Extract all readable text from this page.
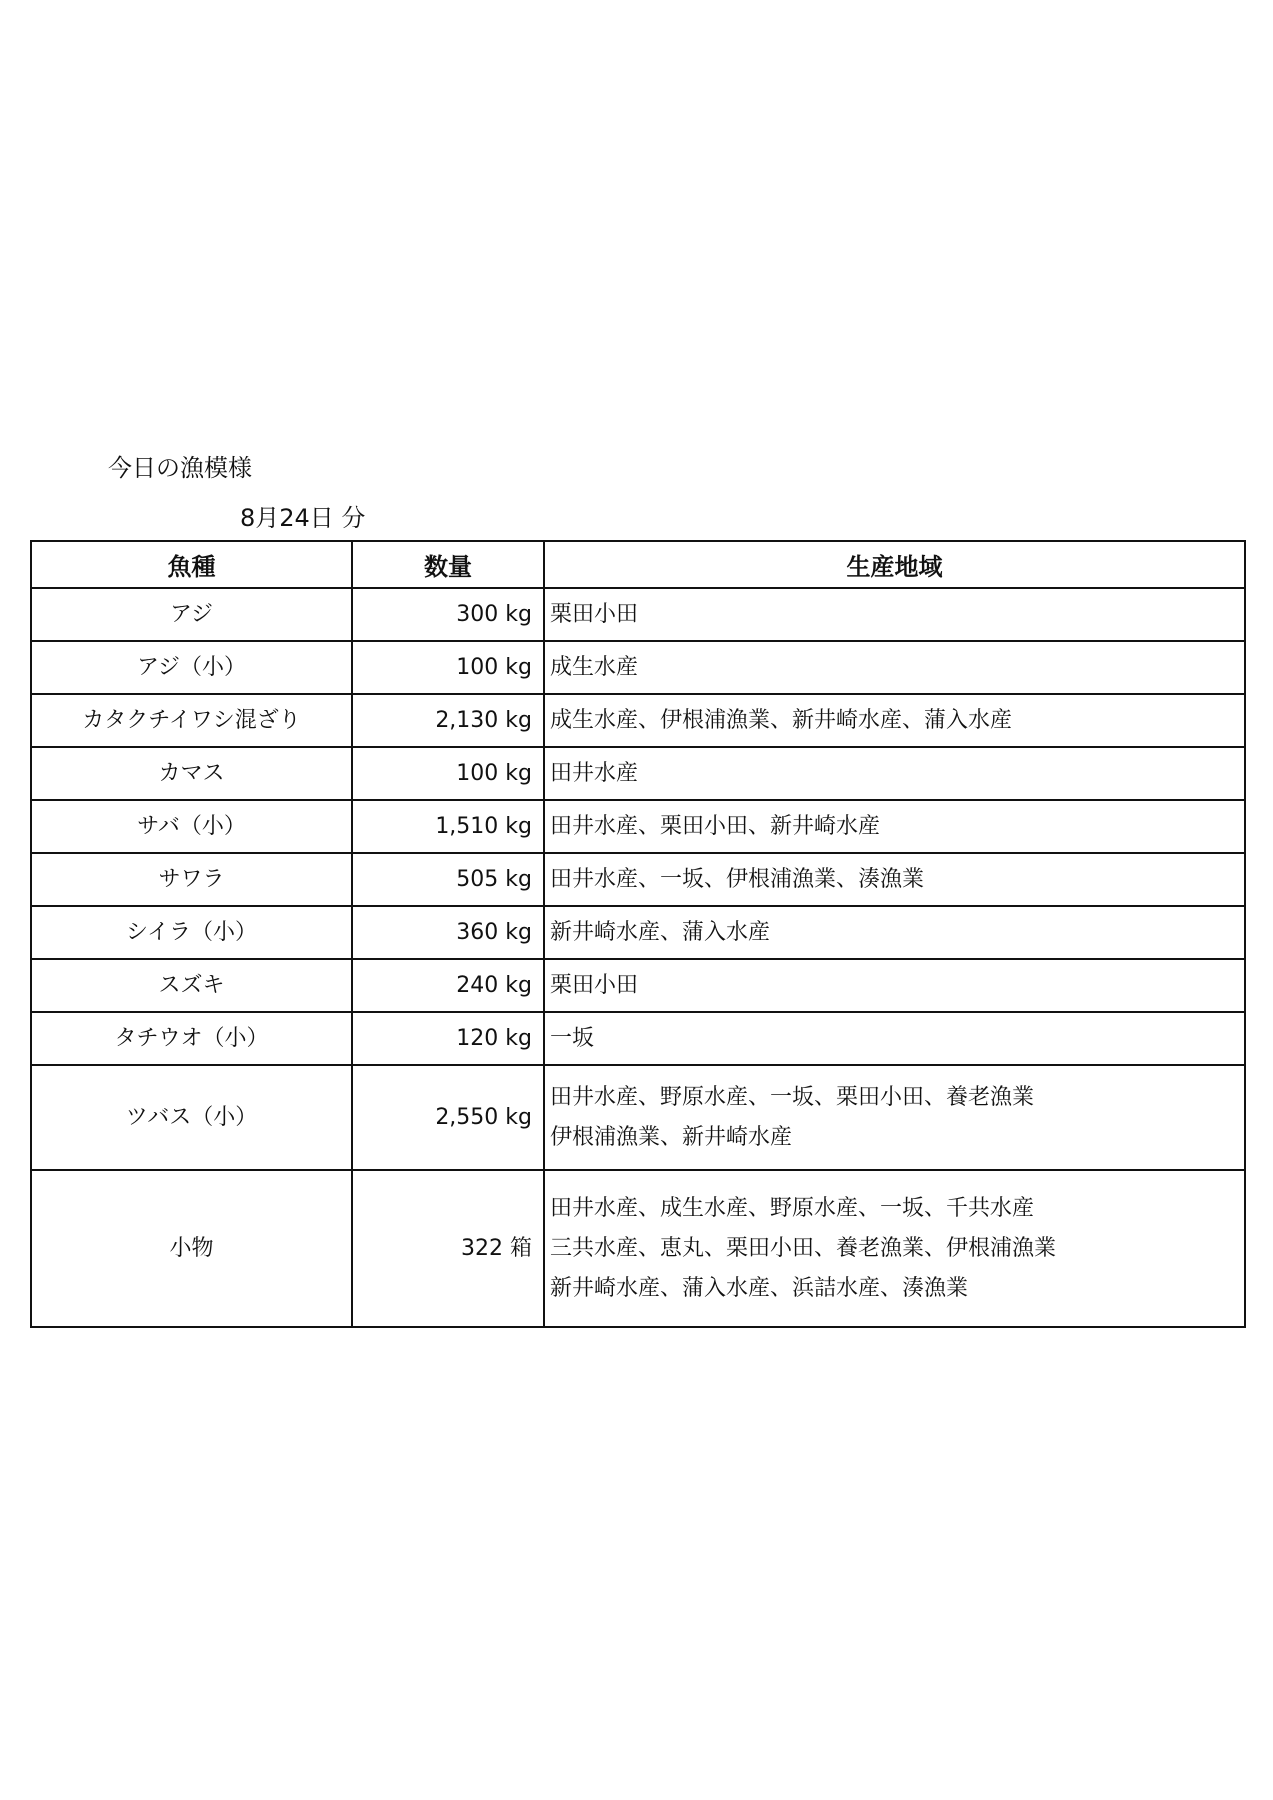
今日の漁模様
8月24日 分
魚種	数量	生産地域
アジ	300 kg	栗田小田

アジ（小）	100 kg	成生水産

カタクチイワシ混ざり	2,130 kg	成生水産、伊根浦漁業、新井崎水産、蒲入水産

カマス	100 kg	田井水産

サバ（小）	1,510 kg	田井水産、栗田小田、新井崎水産

サワラ	505 kg	田井水産、一坂、伊根浦漁業、湊漁業

シイラ（小）	360 kg	新井崎水産、蒲入水産

スズキ	240 kg	栗田小田

タチウオ（小）	120 kg	一坂

ツバス（小）	2,550 kg	田井水産、野原水産、一坂、栗田小田、養老漁業
伊根浦漁業、新井崎水産

小物	322 箱	田井水産、成生水産、野原水産、一坂、千共水産
三共水産、恵丸、栗田小田、養老漁業、伊根浦漁業
新井崎水産、蒲入水産、浜詰水産、湊漁業
